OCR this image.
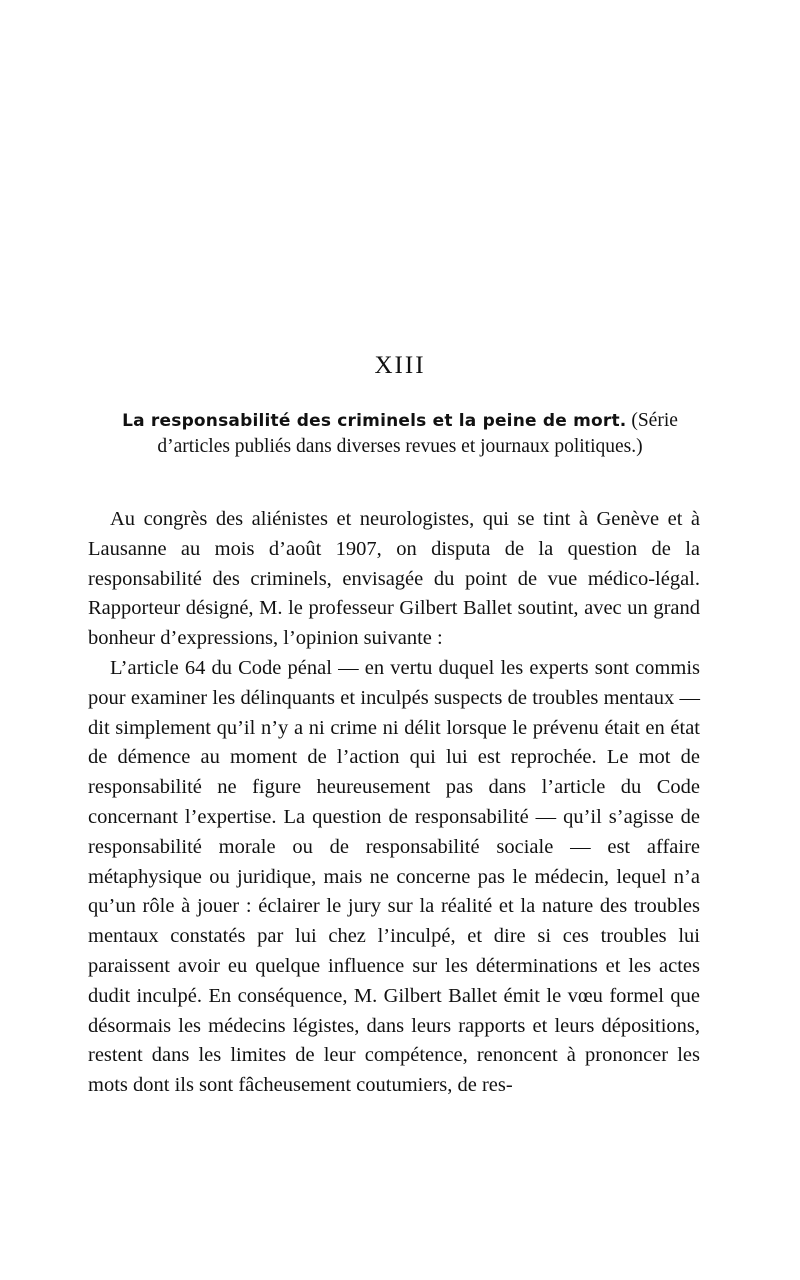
XIII

La responsabilité des criminels et la peine de mort. (Série d’articles publiés dans diverses revues et journaux politiques.)

Au congrès des aliénistes et neurologistes, qui se tint à Genève et à Lausanne au mois d’août 1907, on disputa de la question de la responsabilité des criminels, envisagée du point de vue médico-légal. Rapporteur désigné, M. le professeur Gilbert Ballet soutint, avec un grand bonheur d’expressions, l’opinion suivante :

L’article 64 du Code pénal — en vertu duquel les experts sont commis pour examiner les délinquants et inculpés suspects de troubles mentaux — dit simplement qu’il n’y a ni crime ni délit lorsque le prévenu était en état de démence au moment de l’action qui lui est reprochée. Le mot de responsabilité ne figure heureusement pas dans l’article du Code concernant l’expertise. La question de responsabilité — qu’il s’agisse de responsabilité morale ou de responsabilité sociale — est affaire métaphysique ou juridique, mais ne concerne pas le médecin, lequel n’a qu’un rôle à jouer : éclairer le jury sur la réalité et la nature des troubles mentaux constatés par lui chez l’inculpé, et dire si ces troubles lui paraissent avoir eu quelque influence sur les déterminations et les actes dudit inculpé. En conséquence, M. Gilbert Ballet émit le vœu formel que désormais les médecins légistes, dans leurs rapports et leurs dépositions, restent dans les limites de leur compétence, renoncent à prononcer les mots dont ils sont fâcheusement coutumiers, de res-
